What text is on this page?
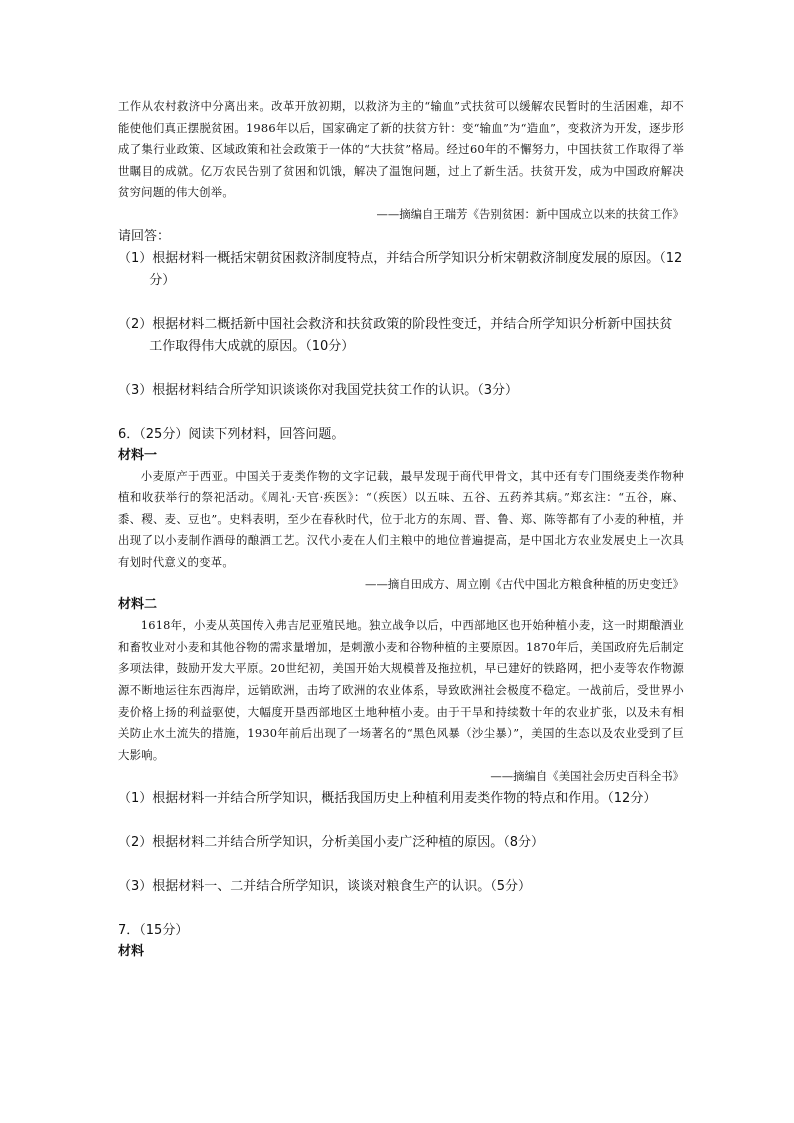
工作从农村救济中分离出来。改革开放初期，以救济为主的“输血”式扶贫可以缓解农民暂时的生活困难，却不能使他们真正摆脱贫困。1986年以后，国家确定了新的扶贫方针：变“输血”为“造血”，变救济为开发，逐步形成了集行业政策、区域政策和社会政策于一体的“大扶贫”格局。经过60年的不懈努力，中国扶贫工作取得了举世瞩目的成就。亿万农民告别了贫困和饥饿，解决了温饱问题，过上了新生活。扶贫开发，成为中国政府解决贫穷问题的伟大创举。

——摘编自王瑞芳《告别贫困：新中国成立以来的扶贫工作》
请回答：

（1）根据材料一概括宋朝贫困救济制度特点，并结合所学知识分析宋朝救济制度发展的原因。（12分）

（2）根据材料二概括新中国社会救济和扶贫政策的阶段性变迁，并结合所学知识分析新中国扶贫工作取得伟大成就的原因。（10分）

（3）根据材料结合所学知识谈谈你对我国党扶贫工作的认识。（3分）

6．（25分）阅读下列材料，回答问题。
材料一

小麦原产于西亚。中国关于麦类作物的文字记载，最早发现于商代甲骨文，其中还有专门围绕麦类作物种植和收获举行的祭祀活动。《周礼·天官·疾医》：“（疾医）以五味、五谷、五药养其病。”郑玄注：“五谷，麻、黍、稷、麦、豆也”。史料表明，至少在春秋时代，位于北方的东周、晋、鲁、郑、陈等都有了小麦的种植，并出现了以小麦制作酒母的酿酒工艺。汉代小麦在人们主粮中的地位普遍提高，是中国北方农业发展史上一次具有划时代意义的变革。

——摘自田成方、周立刚《古代中国北方粮食种植的历史变迁》
材料二

1618年，小麦从英国传入弗吉尼亚殖民地。独立战争以后，中西部地区也开始种植小麦，这一时期酿酒业和畜牧业对小麦和其他谷物的需求量增加，是刺激小麦和谷物种植的主要原因。1870年后，美国政府先后制定多项法律，鼓励开发大平原。20世纪初，美国开始大规模普及拖拉机，早已建好的铁路网，把小麦等农作物源源不断地运往东西海岸，远销欧洲，击垮了欧洲的农业体系，导致欧洲社会极度不稳定。一战前后，受世界小麦价格上扬的利益驱使，大幅度开垦西部地区土地种植小麦。由于干旱和持续数十年的农业扩张，以及未有相关防止水土流失的措施，1930年前后出现了一场著名的“黑色风暴（沙尘暴）”，美国的生态以及农业受到了巨大影响。

——摘编自《美国社会历史百科全书》

（1）根据材料一并结合所学知识，概括我国历史上种植利用麦类作物的特点和作用。（12分）

（2）根据材料二并结合所学知识，分析美国小麦广泛种植的原因。（8分）

（3）根据材料一、二并结合所学知识，谈谈对粮食生产的认识。（5分）

7．（15分）
材料
